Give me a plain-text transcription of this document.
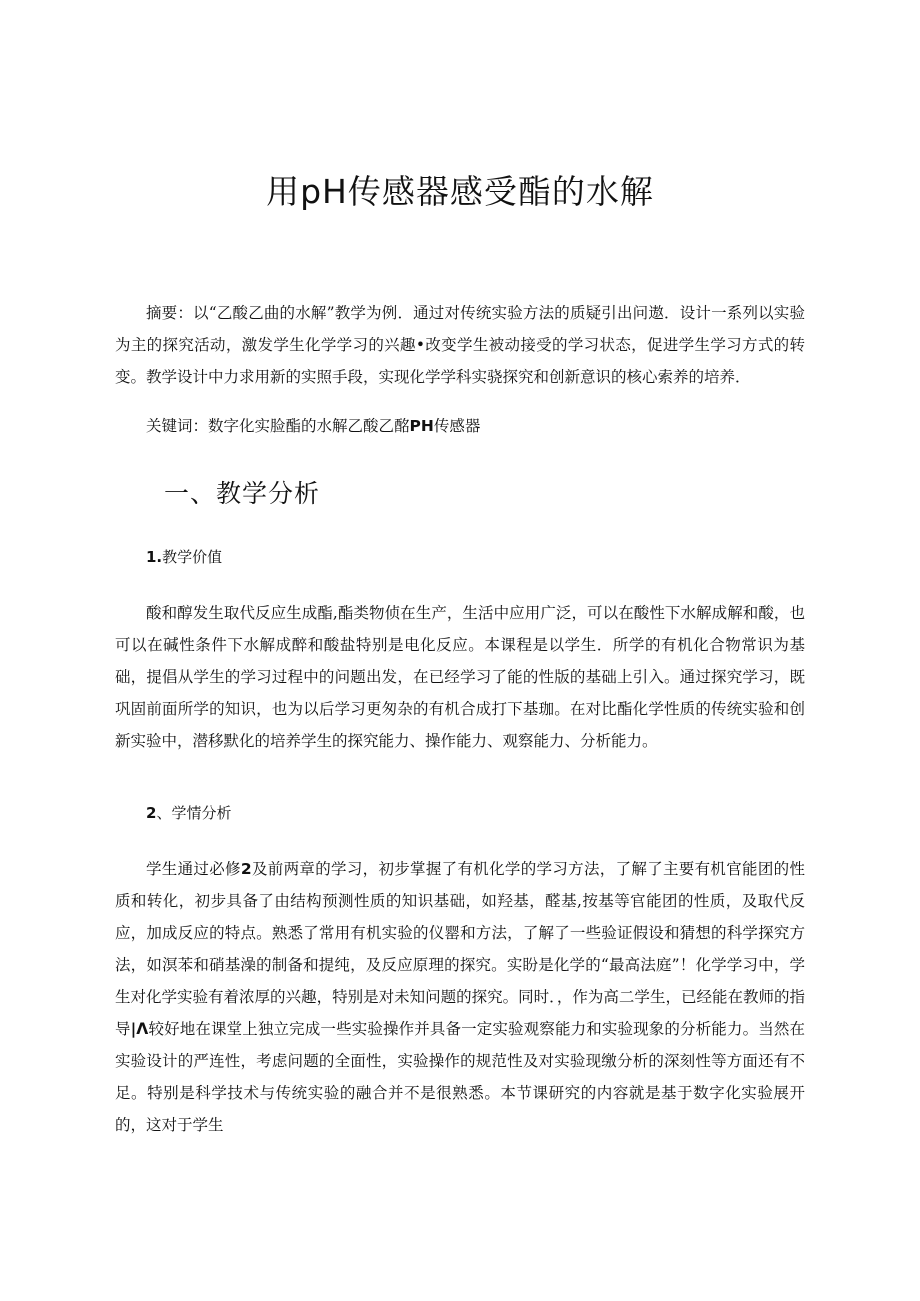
用pH传感器感受酯的水解

摘要：以“乙酸乙曲的水解”教学为例．通过对传统实验方法的质疑引出问遨．设计一系列以实验为主的探究活动，激发学生化学学习的兴趣•改变学生被动接受的学习状态，促进学生学习方式的转变。教学设计中力求用新的实照手段，实现化学学科实骁探究和创新意识的核心索养的培养．

关键词：数字化实脸酯的水解乙酸乙酩PH传感器

一、教学分析
1.教学价值

酸和醇发生取代反应生成酯,酯类物侦在生产，生活中应用广泛，可以在酸性下水解成解和酸，也可以在碱性条件下水解成醉和酸盐特别是电化反应。本课程是以学生．所学的有机化合物常识为基础，提倡从学生的学习过程中的问题出发，在已经学习了能的性版的基础上引入。通过探究学习，既巩固前面所学的知识，也为以后学习更匆杂的有机合成打下基珈。在对比酯化学性质的传统实验和创新实验中，潜移默化的培养学生的探究能力、操作能力、观察能力、分析能力。

2、学情分析

学生通过必修2及前两章的学习，初步掌握了有机化学的学习方法，了解了主要有机官能团的性质和转化，初步具备了由结构预测性质的知识基础，如羟基，醛基,按基等官能团的性质，及取代反应，加成反应的特点。熟悉了常用有机实验的仪罂和方法，了解了一些验证假设和猜想的科学探究方法，如溟苯和硝基澡的制备和提纯，及反应原理的探究。实盼是化学的“最高法庭”！化学学习中，学生对化学实验有着浓厚的兴趣，特别是对未知问题的探究。同时．，作为高二学生，已经能在教师的指导|Λ较好地在课堂上独立完成一些实验操作并具备一定实验观察能力和实验现象的分析能力。当然在实验设计的严连性，考虑问题的全面性，实验操作的规范性及对实验现缴分析的深刻性等方面还有不足。特别是科学技术与传统实验的融合并不是很熟悉。本节课研究的内容就是基于数字化实验展开的，这对于学生
